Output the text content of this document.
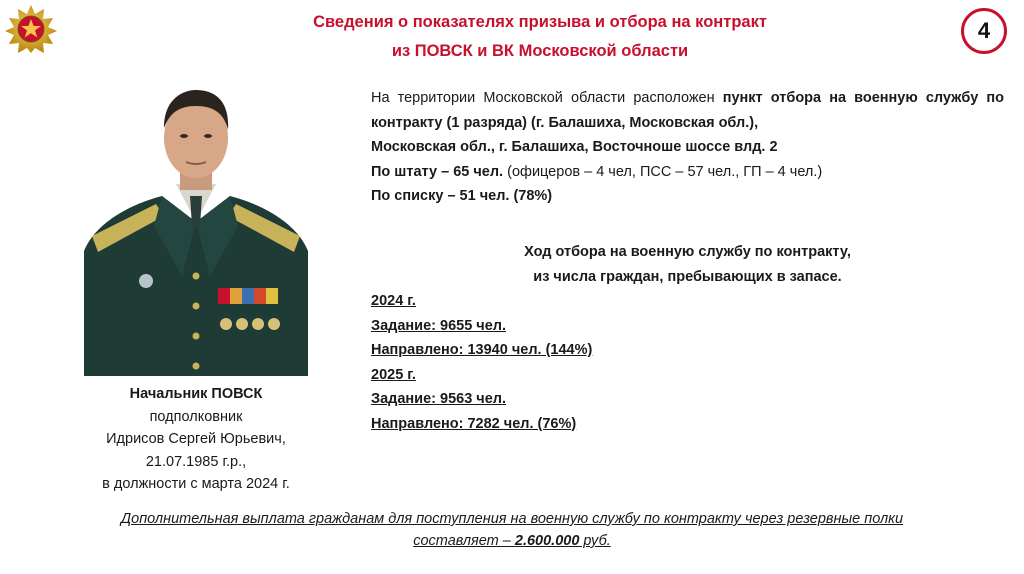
Сведения о показателях призыва и отбора на контракт
из ПОВСК и ВК Московской области
4
Начальник ПОВСК
подполковник
Идрисов Сергей Юрьевич,
21.07.1985 г.р.,
в должности с марта 2024 г.
На территории Московской области расположен пункт отбора на военную службу по контракту (1 разряда) (г. Балашиха, Московская обл.),
Московская обл., г. Балашиха, Восточноше шоссе влд. 2
По штату – 65 чел. (офицеров – 4 чел, ПСС – 57 чел., ГП – 4 чел.)
По списку – 51 чел. (78%)
Ход отбора на военную службу по контракту,
из числа граждан, пребывающих в запасе.
2024 г.
Задание: 9655 чел.
Направлено: 13940 чел. (144%)
2025 г.
Задание: 9563 чел.
Направлено: 7282 чел. (76%)
Дополнительная выплата гражданам для поступления на военную службу по контракту через резервные полки
составляет – 2.600.000 руб.
